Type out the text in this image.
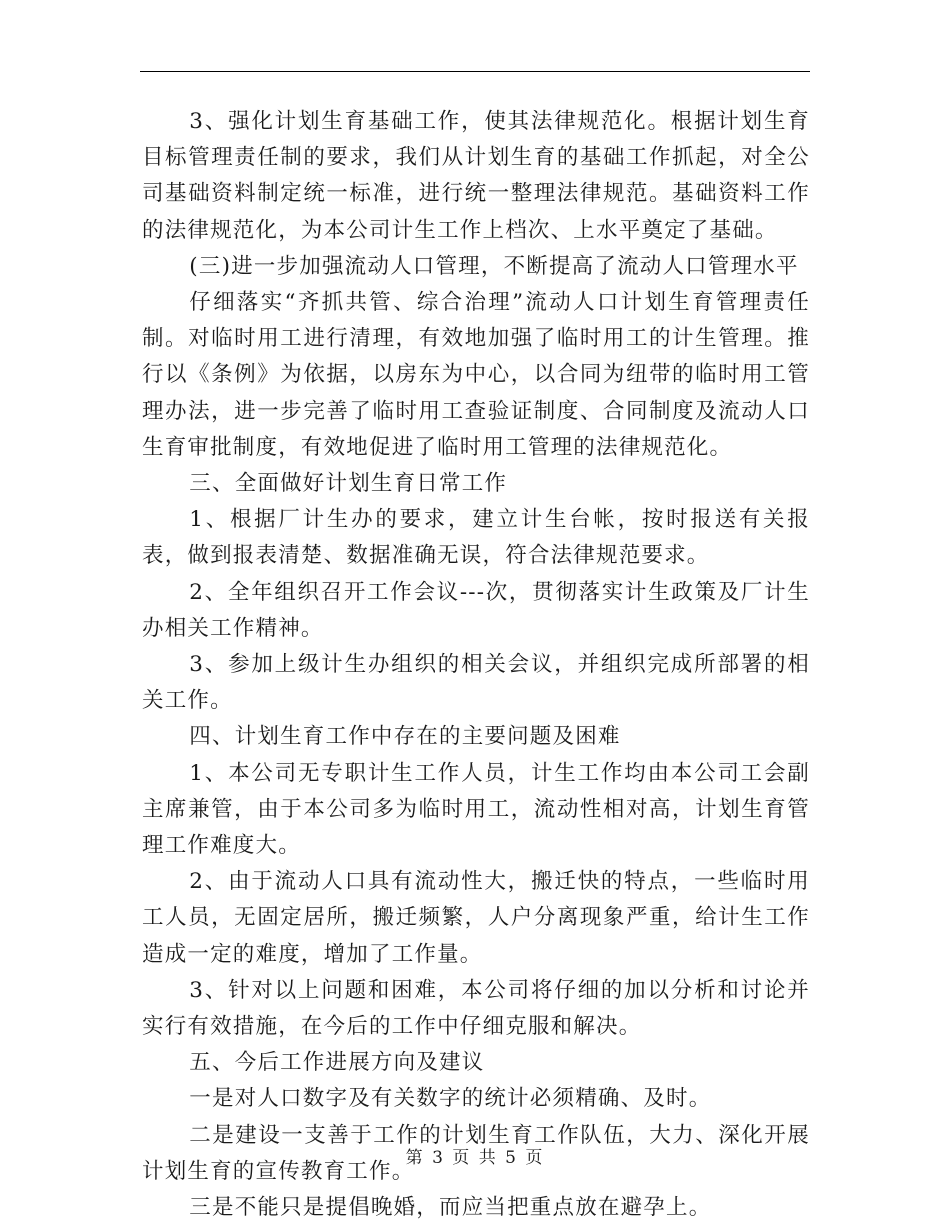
3、强化计划生育基础工作，使其法律规范化。根据计划生育目标管理责任制的要求，我们从计划生育的基础工作抓起，对全公司基础资料制定统一标准，进行统一整理法律规范。基础资料工作的法律规范化，为本公司计生工作上档次、上水平奠定了基础。

(三)进一步加强流动人口管理，不断提高了流动人口管理水平

仔细落实“齐抓共管、综合治理”流动人口计划生育管理责任制。对临时用工进行清理，有效地加强了临时用工的计生管理。推行以《条例》为依据，以房东为中心，以合同为纽带的临时用工管理办法，进一步完善了临时用工查验证制度、合同制度及流动人口生育审批制度，有效地促进了临时用工管理的法律规范化。

三、全面做好计划生育日常工作

1、根据厂计生办的要求，建立计生台帐，按时报送有关报表，做到报表清楚、数据准确无误，符合法律规范要求。

2、全年组织召开工作会议---次，贯彻落实计生政策及厂计生办相关工作精神。

3、参加上级计生办组织的相关会议，并组织完成所部署的相关工作。

四、计划生育工作中存在的主要问题及困难

1、本公司无专职计生工作人员，计生工作均由本公司工会副主席兼管，由于本公司多为临时用工，流动性相对高，计划生育管理工作难度大。

2、由于流动人口具有流动性大，搬迁快的特点，一些临时用工人员，无固定居所，搬迁频繁，人户分离现象严重，给计生工作造成一定的难度，增加了工作量。

3、针对以上问题和困难，本公司将仔细的加以分析和讨论并实行有效措施，在今后的工作中仔细克服和解决。

五、今后工作进展方向及建议

一是对人口数字及有关数字的统计必须精确、及时。

二是建设一支善于工作的计划生育工作队伍，大力、深化开展计划生育的宣传教育工作。

三是不能只是提倡晚婚，而应当把重点放在避孕上。

第 3 页 共 5 页
